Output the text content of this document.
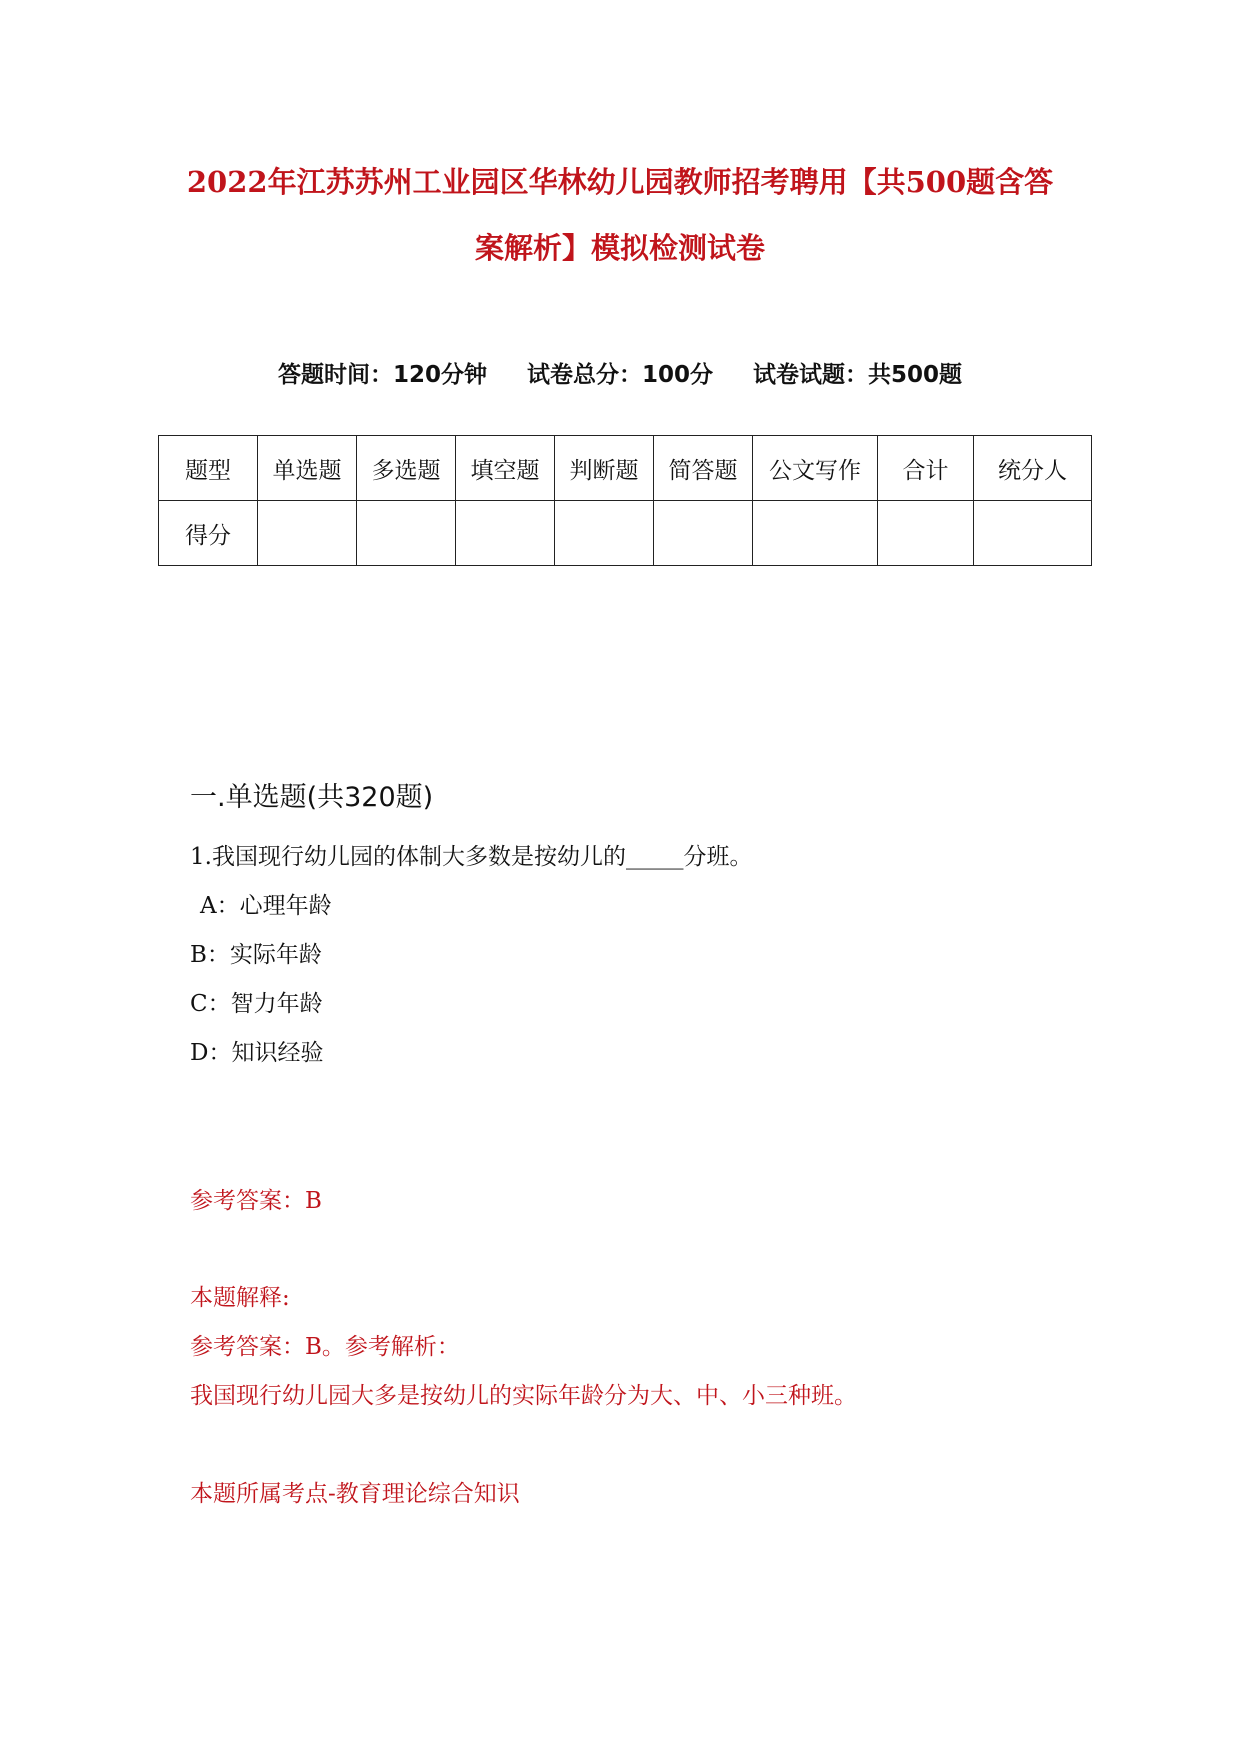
2022年江苏苏州工业园区华林幼儿园教师招考聘用【共500题含答
案解析】模拟检测试卷
答题时间：120分钟 试卷总分：100分 试卷试题：共500题
题型	单选题	多选题	填空题	判断题	简答题	公文写作	合计	统分人
得分								
一.单选题(共320题)
1.我国现行幼儿园的体制大多数是按幼儿的_____分班。
A：心理年龄
B：实际年龄
C：智力年龄
D：知识经验
参考答案：B
本题解释:
参考答案：B。参考解析：
我国现行幼儿园大多是按幼儿的实际年龄分为大、中、小三种班。
本题所属考点-教育理论综合知识
